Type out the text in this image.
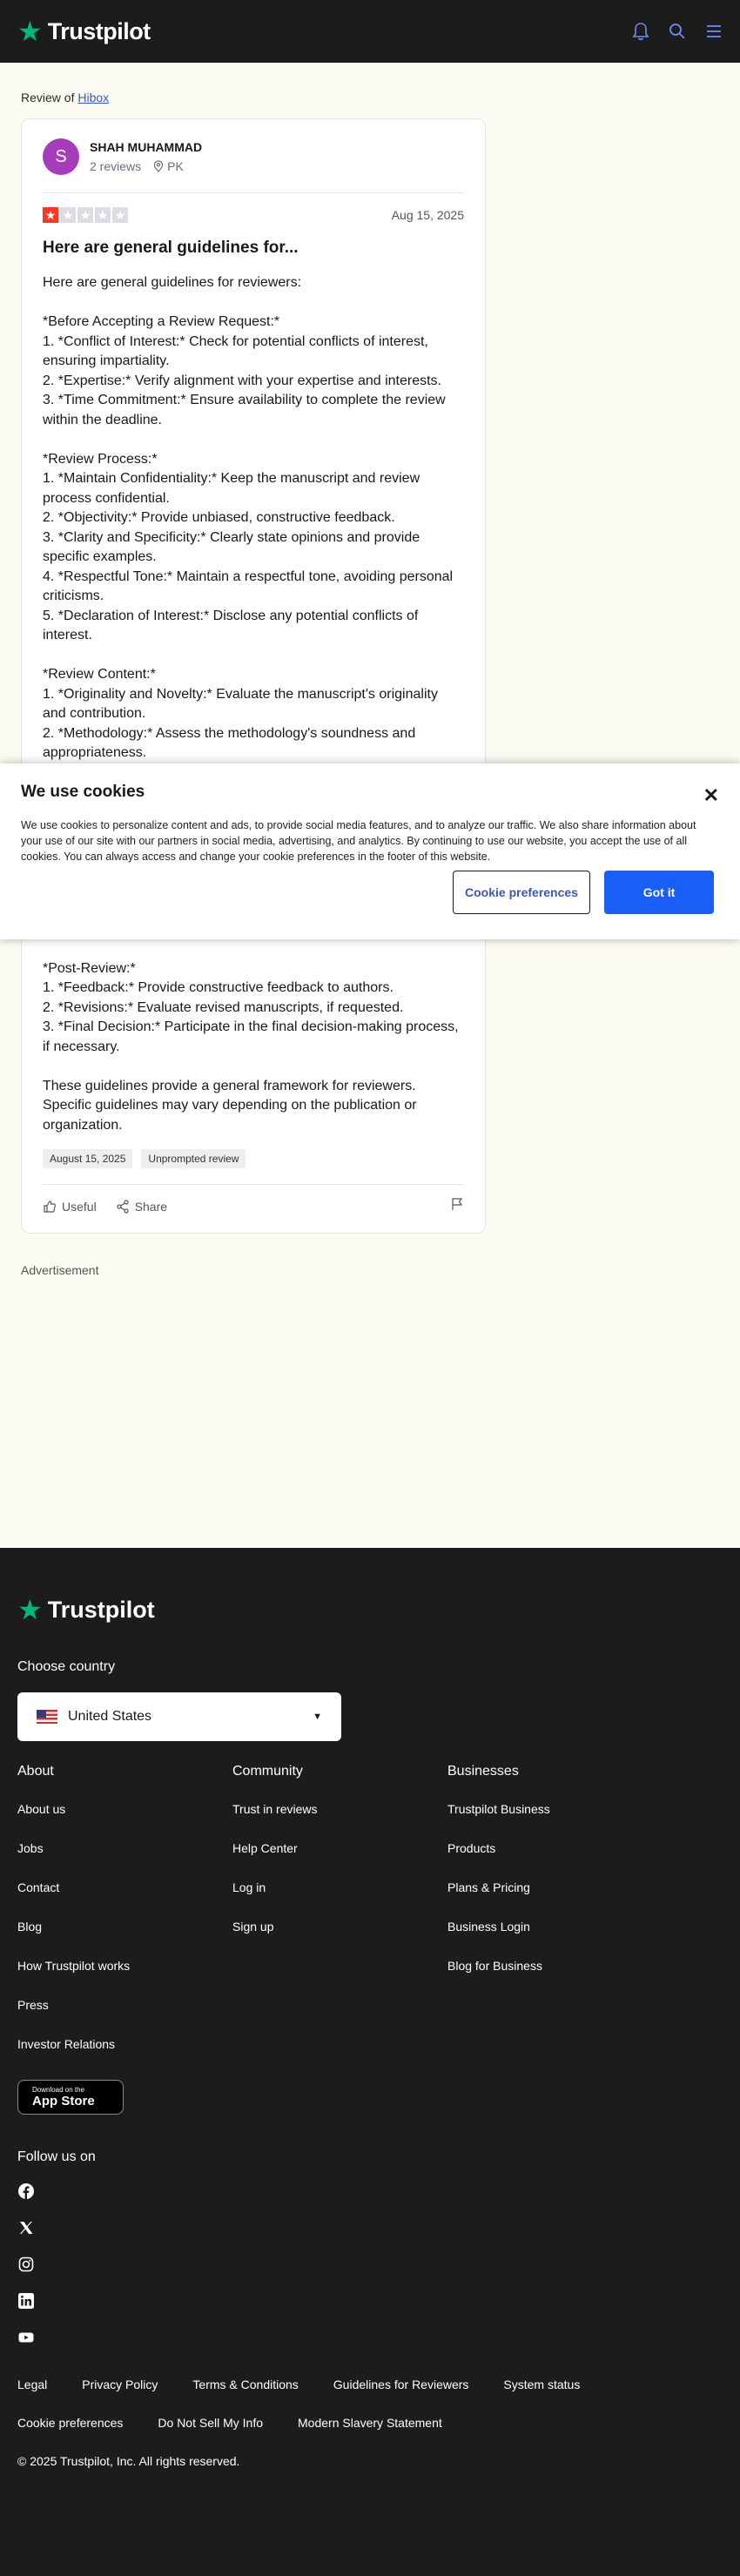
★ Trustpilot
Review of Hibox
S	SHAH MUHAMMAD
2 reviews PK
★ ★ ★ ★ ★	Aug 15, 2025
Here are general guidelines for...
Here are general guidelines for reviewers:

*Before Accepting a Review Request:*
1. *Conflict of Interest:* Check for potential conflicts of interest, ensuring impartiality.
2. *Expertise:* Verify alignment with your expertise and interests.
3. *Time Commitment:* Ensure availability to complete the review within the deadline.

*Review Process:*
1. *Maintain Confidentiality:* Keep the manuscript and review process confidential.
2. *Objectivity:* Provide unbiased, constructive feedback.
3. *Clarity and Specificity:* Clearly state opinions and provide specific examples.
4. *Respectful Tone:* Maintain a respectful tone, avoiding personal criticisms.
5. *Declaration of Interest:* Disclose any potential conflicts of interest.

*Review Content:*
1. *Originality and Novelty:* Evaluate the manuscript's originality and contribution.
2. *Methodology:* Assess the methodology's soundness and appropriateness.

*Post-Review:*
1. *Feedback:* Provide constructive feedback to authors.
2. *Revisions:* Evaluate revised manuscripts, if requested.
3. *Final Decision:* Participate in the final decision-making process, if necessary.

These guidelines provide a general framework for reviewers. Specific guidelines may vary depending on the publication or organization.
August 15, 2025	Unprompted review
Useful	Share
Advertisement
We use cookies	✕

We use cookies to personalize content and ads, to provide social media features, and to analyze our traffic. We also share information about your use of our site with our partners in social media, advertising, and analytics. By continuing to use our website, you accept the use of all cookies. You can always access and change your cookie preferences in the footer of this website.

Cookie preferences	Got it
★ Trustpilot
Choose country
United States	▼
About
About us
Jobs
Contact
Blog
How Trustpilot works
Press
Investor Relations
Community
Trust in reviews
Help Center
Log in
Sign up
Businesses
Trustpilot Business
Products
Plans & Pricing
Business Login
Blog for Business
Download on the
App Store
Follow us on
Legal	Privacy Policy	Terms & Conditions	Guidelines for Reviewers	System status
Cookie preferences	Do Not Sell My Info	Modern Slavery Statement
© 2025 Trustpilot, Inc. All rights reserved.
